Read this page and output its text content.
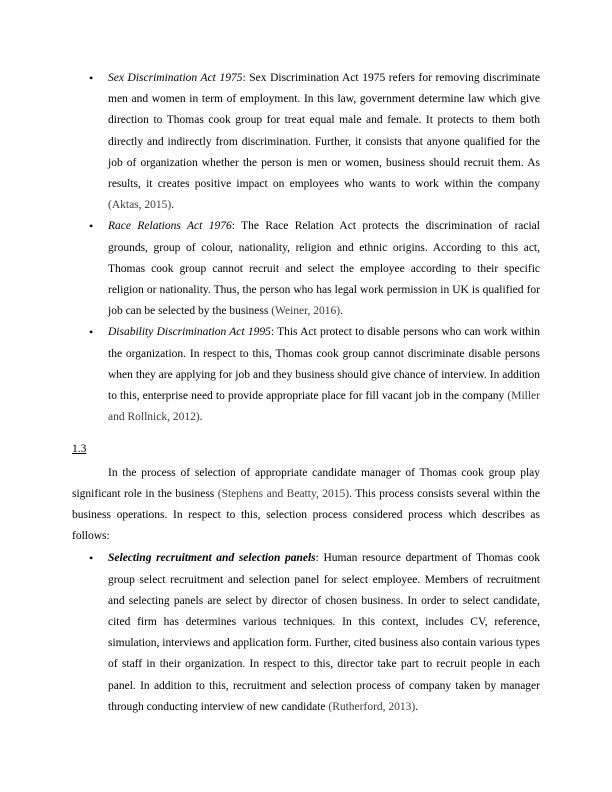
• Sex Discrimination Act 1975: Sex Discrimination Act 1975 refers for removing discriminate men and women in term of employment. In this law, government determine law which give direction to Thomas cook group for treat equal male and female. It protects to them both directly and indirectly from discrimination. Further, it consists that anyone qualified for the job of organization whether the person is men or women, business should recruit them. As results, it creates positive impact on employees who wants to work within the company (Aktas, 2015).
• Race Relations Act 1976: The Race Relation Act protects the discrimination of racial grounds, group of colour, nationality, religion and ethnic origins. According to this act, Thomas cook group cannot recruit and select the employee according to their specific religion or nationality. Thus, the person who has legal work permission in UK is qualified for job can be selected by the business (Weiner, 2016).
• Disability Discrimination Act 1995: This Act protect to disable persons who can work within the organization. In respect to this, Thomas cook group cannot discriminate disable persons when they are applying for job and they business should give chance of interview. In addition to this, enterprise need to provide appropriate place for fill vacant job in the company (Miller and Rollnick, 2012).
1.3

In the process of selection of appropriate candidate manager of Thomas cook group play significant role in the business (Stephens and Beatty, 2015). This process consists several within the business operations. In respect to this, selection process considered process which describes as follows:

• Selecting recruitment and selection panels: Human resource department of Thomas cook group select recruitment and selection panel for select employee. Members of recruitment and selecting panels are select by director of chosen business. In order to select candidate, cited firm has determines various techniques. In this context, includes CV, reference, simulation, interviews and application form. Further, cited business also contain various types of staff in their organization. In respect to this, director take part to recruit people in each panel. In addition to this, recruitment and selection process of company taken by manager through conducting interview of new candidate (Rutherford, 2013).
